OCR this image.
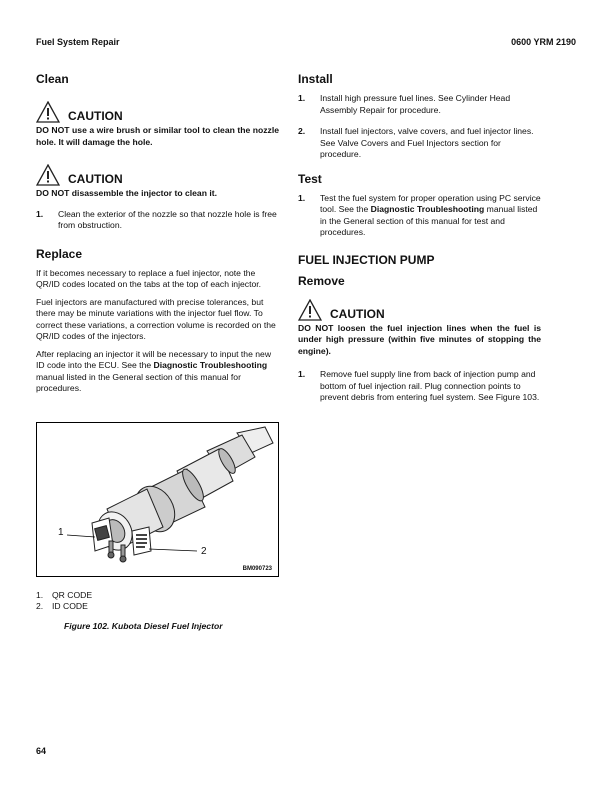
Fuel System Repair	0600 YRM 2190
Clean
CAUTION
DO NOT use a wire brush or similar tool to clean the nozzle hole. It will damage the hole.
CAUTION
DO NOT disassemble the injector to clean it.
1.	Clean the exterior of the nozzle so that nozzle hole is free from obstruction.
Replace

If it becomes necessary to replace a fuel injector, note the QR/ID codes located on the tabs at the top of each injector.

Fuel injectors are manufactured with precise tolerances, but there may be minute variations with the injector fuel flow. To correct these variations, a correction volume is recorded on the QR/ID codes of the injectors.

After replacing an injector it will be necessary to input the new ID code into the ECU. See the Diagnostic Troubleshooting manual listed in the General section of this manual for procedures.

1
2
BM090723
1.	QR CODE
2.	ID CODE
Figure 102. Kubota Diesel Fuel Injector
Install
1.	Install high pressure fuel lines. See Cylinder Head Assembly Repair for procedure.
2.	Install fuel injectors, valve covers, and fuel injector lines. See Valve Covers and Fuel Injectors section for procedure.
Test
1.	Test the fuel system for proper operation using PC service tool. See the Diagnostic Troubleshooting manual listed in the General section of this manual for test and procedures.
FUEL INJECTION PUMP
Remove
CAUTION
DO NOT loosen the fuel injection lines when the fuel is under high pressure (within five minutes of stopping the engine).
1.	Remove fuel supply line from back of injection pump and bottom of fuel injection rail. Plug connection points to prevent debris from entering fuel system. See Figure 103.
64
